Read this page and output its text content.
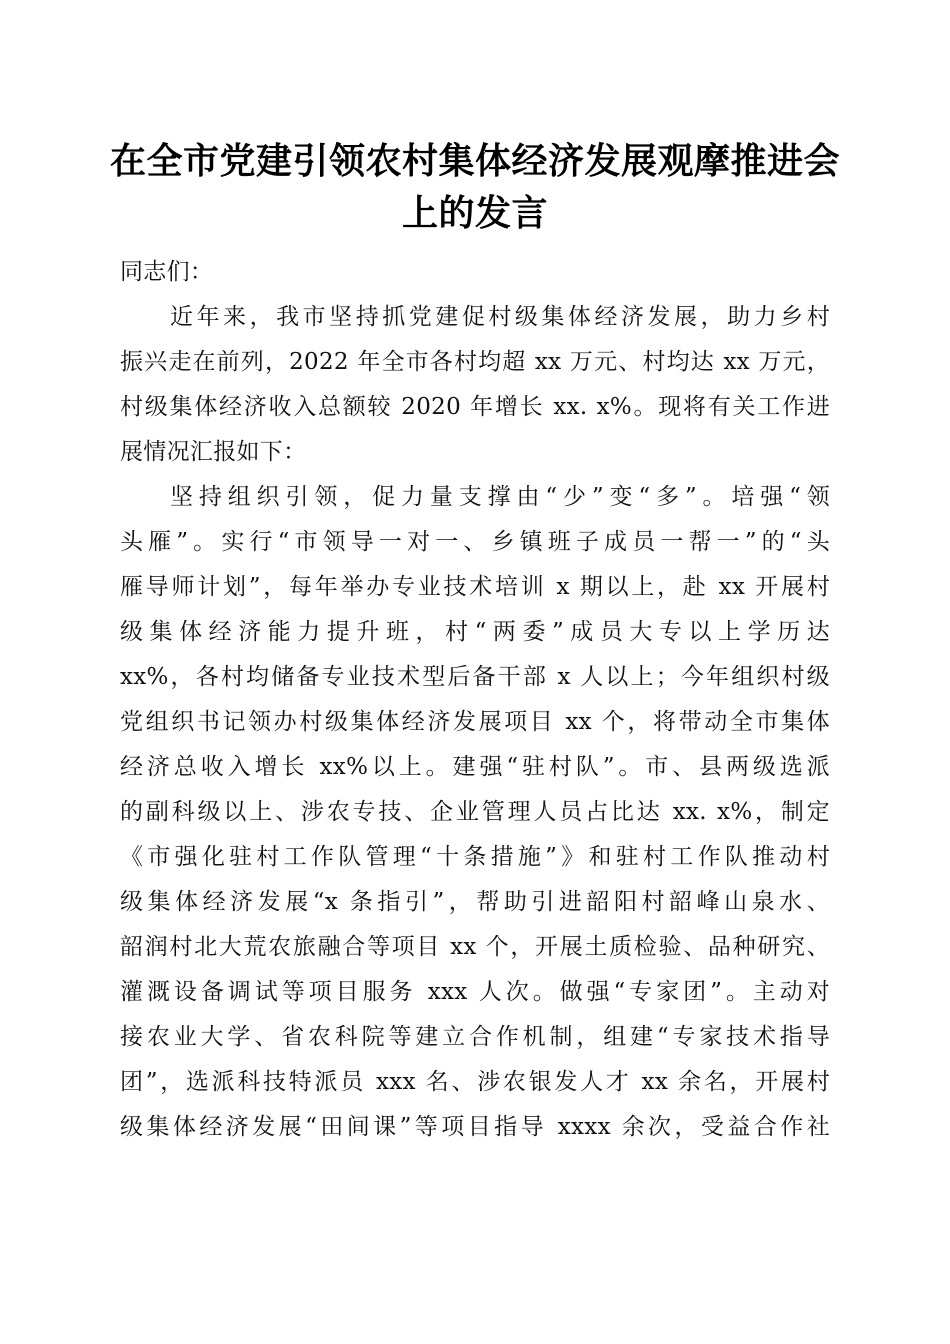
在全市党建引领农村集体经济发展观摩推进会
上的发言
同志们：
近年来，我市坚持抓党建促村级集体经济发展，助力乡村
振兴走在前列，2022 年全市各村均超 xx 万元、村均达 xx 万元，
村级集体经济收入总额较 2020 年增长 xx. x%。现将有关工作进
展情况汇报如下：
坚持组织引领，促力量支撑由“少”变“多”。培强“领
头雁”。实行“市领导一对一、乡镇班子成员一帮一”的“头
雁导师计划”，每年举办专业技术培训 x 期以上，赴 xx 开展村
级集体经济能力提升班，村“两委”成员大专以上学历达
xx%，各村均储备专业技术型后备干部 x 人以上；今年组织村级
党组织书记领办村级集体经济发展项目 xx 个，将带动全市集体
经济总收入增长 xx%以上。建强“驻村队”。市、县两级选派
的副科级以上、涉农专技、企业管理人员占比达 xx. x%，制定
《市强化驻村工作队管理“十条措施”》和驻村工作队推动村
级集体经济发展“x 条指引”，帮助引进韶阳村韶峰山泉水、
韶润村北大荒农旅融合等项目 xx 个，开展土质检验、品种研究、
灌溉设备调试等项目服务 xxx 人次。做强“专家团”。主动对
接农业大学、省农科院等建立合作机制，组建“专家技术指导
团”，选派科技特派员 xxx 名、涉农银发人才 xx 余名，开展村
级集体经济发展“田间课”等项目指导 xxxx 余次，受益合作社
